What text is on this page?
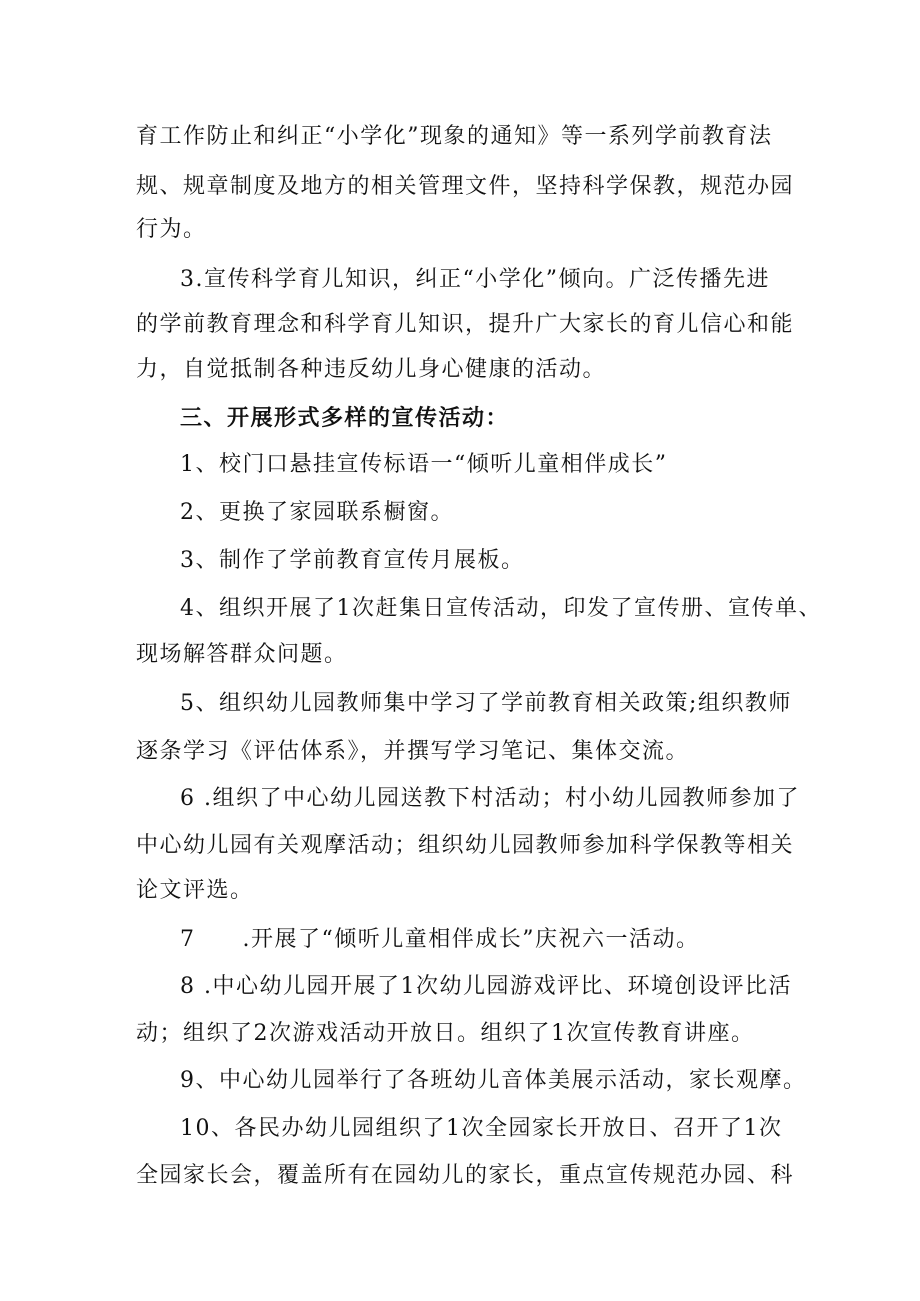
育工作防止和纠正“小学化”现象的通知》等一系列学前教育法
规、规章制度及地方的相关管理文件，坚持科学保教，规范办园
行为。
3.宣传科学育儿知识，纠正“小学化”倾向。广泛传播先进
的学前教育理念和科学育儿知识，提升广大家长的育儿信心和能
力，自觉抵制各种违反幼儿身心健康的活动。
三、开展形式多样的宣传活动：
1、校门口悬挂宣传标语一“倾听儿童相伴成长”
2、更换了家园联系橱窗。
3、制作了学前教育宣传月展板。
4、组织开展了1次赶集日宣传活动，印发了宣传册、宣传单、
现场解答群众问题。
5、组织幼儿园教师集中学习了学前教育相关政策;组织教师
逐条学习《评估体系》，并撰写学习笔记、集体交流。
6 .组织了中心幼儿园送教下村活动；村小幼儿园教师参加了
中心幼儿园有关观摩活动；组织幼儿园教师参加科学保教等相关
论文评选。
7　　.开展了“倾听儿童相伴成长”庆祝六一活动。
8 .中心幼儿园开展了1次幼儿园游戏评比、环境创设评比活
动；组织了2次游戏活动开放日。组织了1次宣传教育讲座。
9、中心幼儿园举行了各班幼儿音体美展示活动，家长观摩。
10、各民办幼儿园组织了1次全园家长开放日、召开了1次
全园家长会，覆盖所有在园幼儿的家长，重点宣传规范办园、科
